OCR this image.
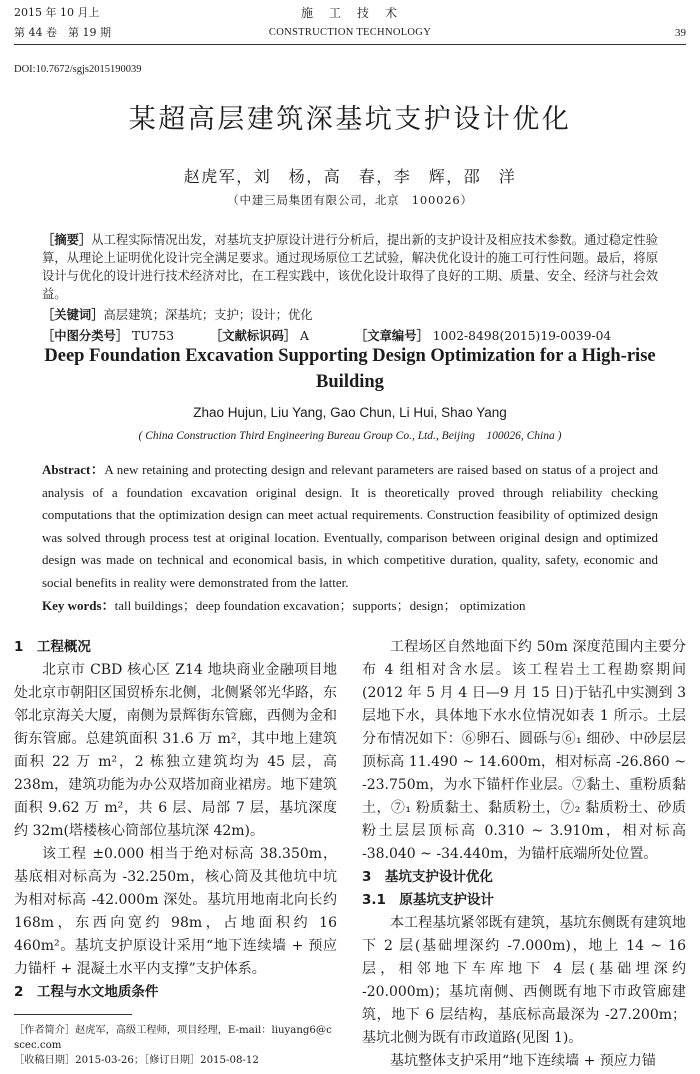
2015 年 10 月上
第 44 卷　第 19 期
施　工　技　术
CONSTRUCTION TECHNOLOGY	39
DOI:10.7672/sgjs2015190039
某超高层建筑深基坑支护设计优化
赵虎军，刘　杨，高　春，李　辉，邵　洋
（中建三局集团有限公司，北京　100026）
［摘要］从工程实际情况出发，对基坑支护原设计进行分析后，提出新的支护设计及相应技术参数。通过稳定性验算，从理论上证明优化设计完全满足要求。通过现场原位工艺试验，解决优化设计的施工可行性问题。最后，将原设计与优化的设计进行技术经济对比，在工程实践中，该优化设计取得了良好的工期、质量、安全、经济与社会效益。
［关键词］高层建筑；深基坑；支护；设计；优化
［中图分类号］ TU753	［文献标识码］ A	［文章编号］ 1002-8498(2015)19-0039-04
Deep Foundation Excavation Supporting Design Optimization for a High-rise Building
Zhao Hujun, Liu Yang, Gao Chun, Li Hui, Shao Yang
( China Construction Third Engineering Bureau Group Co., Ltd., Beijing　100026, China )
Abstract：A new retaining and protecting design and relevant parameters are raised based on status of a project and analysis of a foundation excavation original design. It is theoretically proved through reliability checking computations that the optimization design can meet actual requirements. Construction feasibility of optimized design was solved through process test at original location. Eventually, comparison between original design and optimized design was made on technical and economical basis, in which competitive duration, quality, safety, economic and social benefits in reality were demonstrated from the latter.
Key words：tall buildings；deep foundation excavation；supports；design； optimization
1　工程概况

北京市 CBD 核心区 Z14 地块商业金融项目地处北京市朝阳区国贸桥东北侧，北侧紧邻光华路，东邻北京海关大厦，南侧为景辉街东管廊，西侧为金和街东管廊。总建筑面积 31.6 万 m²，其中地上建筑面积 22 万 m²，2 栋独立建筑均为 45 层，高 238m，建筑功能为办公双塔加商业裙房。地下建筑面积 9.62 万 m²，共 6 层、局部 7 层，基坑深度约 32m(塔楼核心筒部位基坑深 42m)。

该工程 ±0.000 相当于绝对标高 38.350m，基底相对标高为 -32.250m，核心筒及其他坑中坑为相对标高 -42.000m 深处。基坑用地南北向长约 168m，东西向宽约 98m，占地面积约 16 460m²。基坑支护原设计采用“地下连续墙 + 预应力锚杆 + 混凝土水平内支撑”支护体系。

2　工程与水文地质条件
［作者简介］赵虎军，高级工程师，项目经理，E-mail：liuyang6@cscec.com
［收稿日期］2015-03-26；［修订日期］2015-08-12

工程场区自然地面下约 50m 深度范围内主要分布 4 组相对含水层。该工程岩土工程勘察期间(2012 年 5 月 4 日—9 月 15 日)于钻孔中实测到 3 层地下水，具体地下水水位情况如表 1 所示。土层分布情况如下：⑥卵石、圆砾与⑥₁ 细砂、中砂层层顶标高 11.490 ~ 14.600m，相对标高 -26.860 ~ -23.750m，为水下锚杆作业层。⑦黏土、重粉质黏土，⑦₁ 粉质黏土、黏质粉土，⑦₂ 黏质粉土、砂质粉土层层顶标高 0.310 ~ 3.910m，相对标高 -38.040 ~ -34.440m，为锚杆底端所处位置。

3　基坑支护设计优化
3.1　原基坑支护设计

本工程基坑紧邻既有建筑，基坑东侧既有建筑地下 2 层(基础埋深约 -7.000m)，地上 14 ~ 16 层，相邻地下车库地下 4 层(基础埋深约 -20.000m)；基坑南侧、西侧既有地下市政管廊建筑，地下 6 层结构，基底标高最深为 -27.200m；基坑北侧为既有市政道路(见图 1)。

基坑整体支护采用“地下连续墙 + 预应力锚
